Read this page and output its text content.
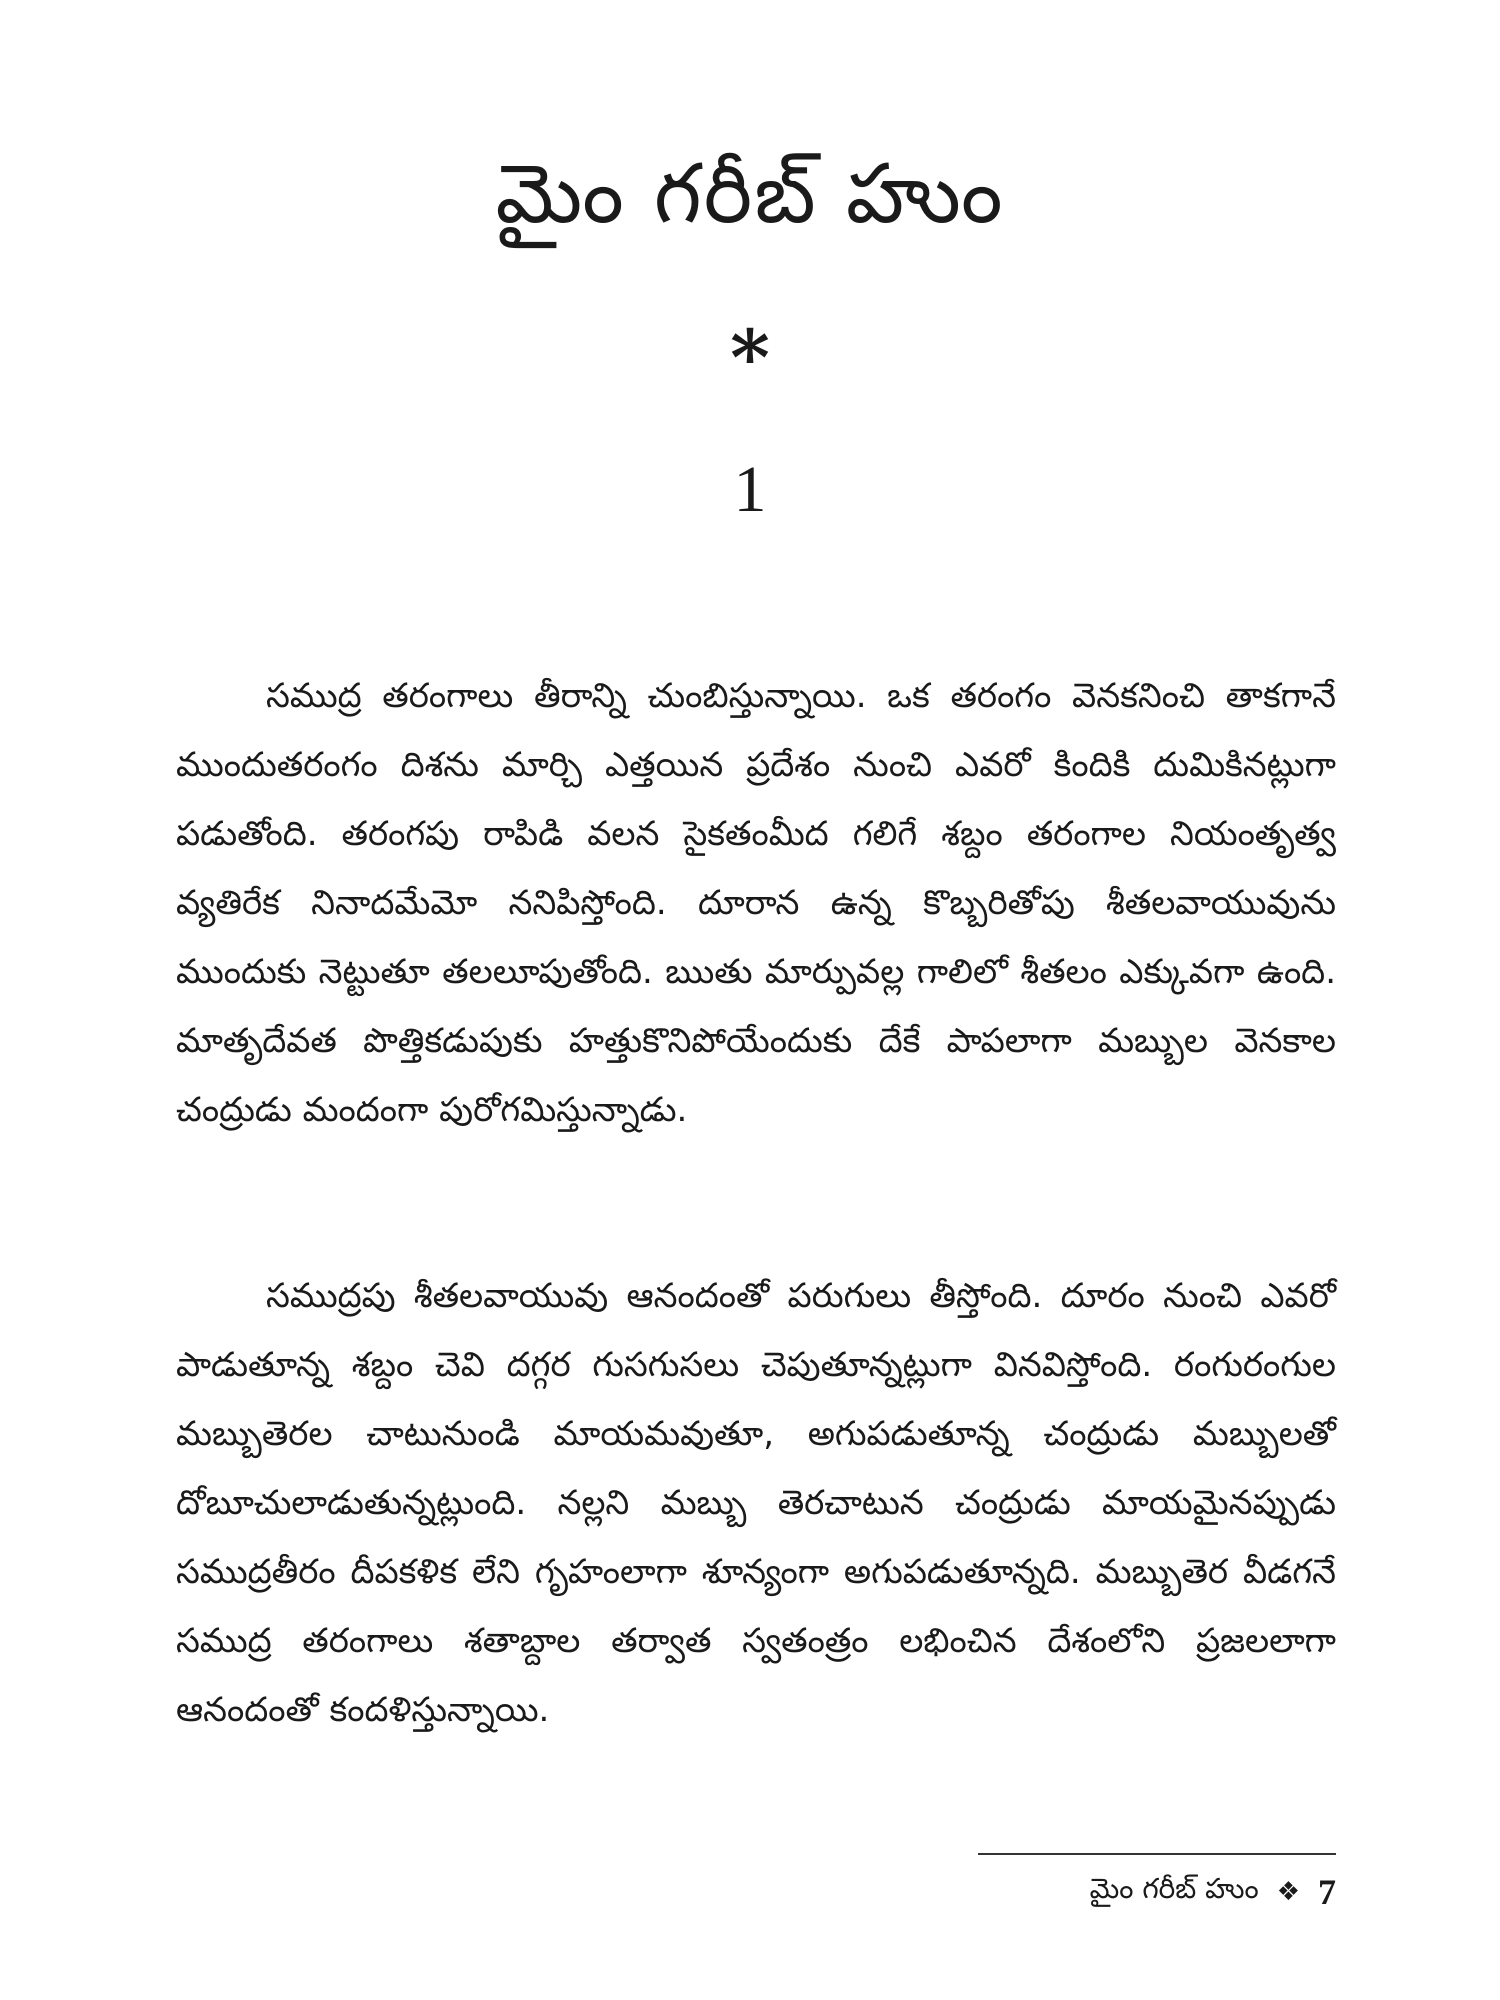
మైం గరీబ్ హుం
*
1

సముద్ర తరంగాలు తీరాన్ని చుంబిస్తున్నాయి. ఒక తరంగం వెనకనించి తాకగానే ముందుతరంగం దిశను మార్చి ఎత్తయిన ప్రదేశం నుంచి ఎవరో కిందికి దుమికినట్లుగా పడుతోంది. తరంగపు రాపిడి వలన సైకతంమీద గలిగే శబ్దం తరంగాల నియంతృత్వ వ్యతిరేక నినాదమేమో ననిపిస్తోంది. దూరాన ఉన్న కొబ్బరితోపు శీతలవాయువును ముందుకు నెట్టుతూ తలలూపుతోంది. ఋతు మార్పువల్ల గాలిలో శీతలం ఎక్కువగా ఉంది. మాతృదేవత పొత్తికడుపుకు హత్తుకొనిపోయేందుకు దేకే పాపలాగా మబ్బుల వెనకాల చంద్రుడు మందంగా పురోగమిస్తున్నాడు.

సముద్రపు శీతలవాయువు ఆనందంతో పరుగులు తీస్తోంది. దూరం నుంచి ఎవరో పాడుతూన్న శబ్దం చెవి దగ్గర గుసగుసలు చెపుతూన్నట్లుగా వినవిస్తోంది. రంగురంగుల మబ్బుతెరల చాటునుండి మాయమవుతూ, అగుపడుతూన్న చంద్రుడు మబ్బులతో దోబూచులాడుతున్నట్లుంది. నల్లని మబ్బు తెరచాటున చంద్రుడు మాయమైనప్పుడు సముద్రతీరం దీపకళిక లేని గృహంలాగా శూన్యంగా అగుపడుతూన్నది. మబ్బుతెర వీడగనే సముద్ర తరంగాలు శతాబ్దాల తర్వాత స్వతంత్రం లభించిన దేశంలోని ప్రజలలాగా ఆనందంతో కందళిస్తున్నాయి.

మైం గరీబ్ హుం ❖ 7
